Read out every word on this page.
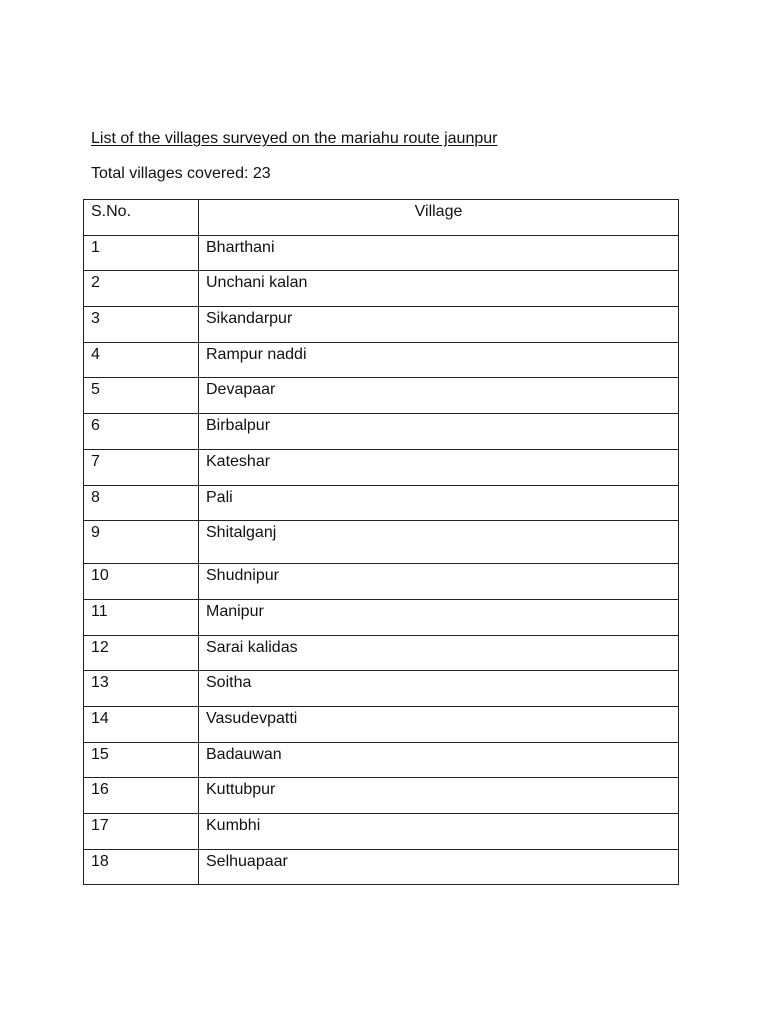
List of the villages surveyed on the mariahu route jaunpur
Total villages covered: 23
S.No.	Village
1	Bharthani
2	Unchani kalan
3	Sikandarpur
4	Rampur naddi
5	Devapaar
6	Birbalpur
7	Kateshar
8	Pali
9	Shitalganj
10	Shudnipur
11	Manipur
12	Sarai kalidas
13	Soitha
14	Vasudevpatti
15	Badauwan
16	Kuttubpur
17	Kumbhi
18	Selhuapaar
